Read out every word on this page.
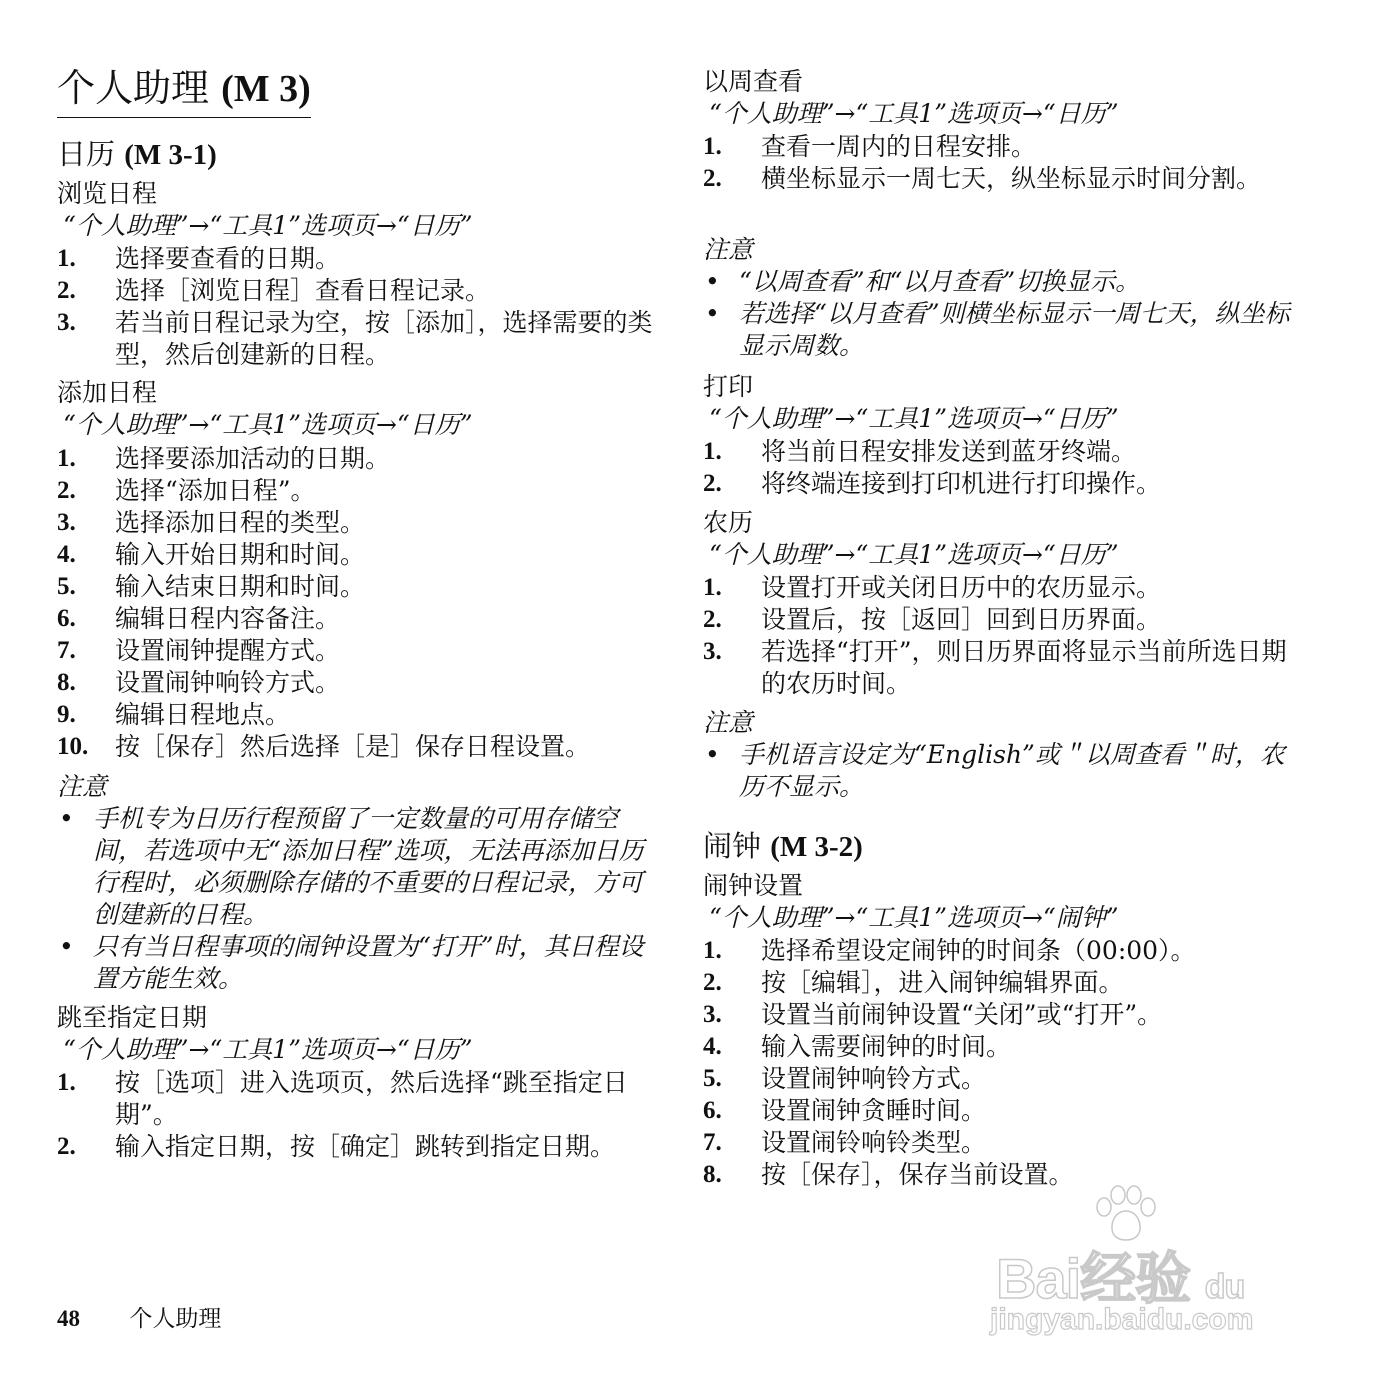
个人助理 (M 3)
日历 (M 3-1)
浏览日程
“个人助理”→“工具1”选项页→“日历”
1. 选择要查看的日期。
2. 选择［浏览日程］查看日程记录。
3. 若当前日程记录为空，按［添加］，选择需要的类型，然后创建新的日程。
添加日程
“个人助理”→“工具1”选项页→“日历”
1. 选择要添加活动的日期。
2. 选择“添加日程”。
3. 选择添加日程的类型。
4. 输入开始日期和时间。
5. 输入结束日期和时间。
6. 编辑日程内容备注。
7. 设置闹钟提醒方式。
8. 设置闹钟响铃方式。
9. 编辑日程地点。
10. 按［保存］然后选择［是］保存日程设置。
注意
• 手机专为日历行程预留了一定数量的可用存储空间，若选项中无“添加日程”选项，无法再添加日历行程时，必须删除存储的不重要的日程记录，方可创建新的日程。
• 只有当日程事项的闹钟设置为“打开”时，其日程设置方能生效。
跳至指定日期
“个人助理”→“工具1”选项页→“日历”
1. 按［选项］进入选项页，然后选择“跳至指定日期”。
2. 输入指定日期，按［确定］跳转到指定日期。
以周查看
“个人助理”→“工具1”选项页→“日历”
1. 查看一周内的日程安排。
2. 横坐标显示一周七天，纵坐标显示时间分割。
注意
• “以周查看”和“以月查看”切换显示。
• 若选择“以月查看”则横坐标显示一周七天，纵坐标显示周数。
打印
“个人助理”→“工具1”选项页→“日历”
1. 将当前日程安排发送到蓝牙终端。
2. 将终端连接到打印机进行打印操作。
农历
“个人助理”→“工具1”选项页→“日历”
1. 设置打开或关闭日历中的农历显示。
2. 设置后，按［返回］回到日历界面。
3. 若选择“打开”，则日历界面将显示当前所选日期的农历时间。
注意
• 手机语言设定为“English”或＂以周查看＂时，农历不显示。
闹钟 (M 3-2)
闹钟设置
“个人助理”→“工具1”选项页→“闹钟”
1. 选择希望设定闹钟的时间条（00:00）。
2. 按［编辑］，进入闹钟编辑界面。
3. 设置当前闹钟设置“关闭”或“打开”。
4. 输入需要闹钟的时间。
5. 设置闹钟响铃方式。
6. 设置闹钟贪睡时间。
7. 设置闹铃响铃类型。
8. 按［保存］，保存当前设置。
48 个人助理
Bai经验 du
jingyan.baidu.com
